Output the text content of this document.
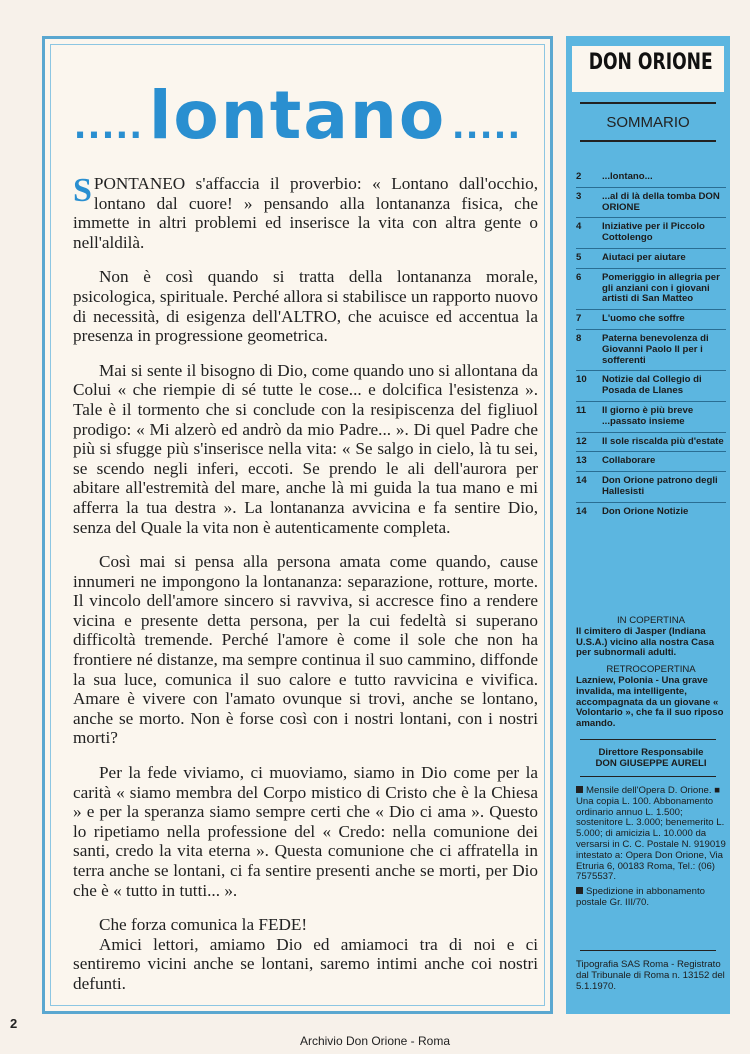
..... lontano .....

SPONTANEO s'affaccia il proverbio: « Lontano dall'occhio, lontano dal cuore! » pensando alla lontananza fisica, che immette in altri problemi ed inserisce la vita con altra gente o nell'aldilà.

Non è così quando si tratta della lontananza morale, psicologica, spirituale. Perché allora si stabilisce un rapporto nuovo di necessità, di esigenza dell'ALTRO, che acuisce ed accentua la presenza in progressione geometrica.

Mai si sente il bisogno di Dio, come quando uno si allontana da Colui « che riempie di sé tutte le cose... e dolcifica l'esistenza ». Tale è il tormento che si conclude con la resipiscenza del figliuol prodigo: « Mi alzerò ed andrò da mio Padre... ». Di quel Padre che più si sfugge più s'inserisce nella vita: « Se salgo in cielo, là tu sei, se scendo negli inferi, eccoti. Se prendo le ali dell'aurora per abitare all'estremità del mare, anche là mi guida la tua mano e mi afferra la tua destra ». La lontananza avvicina e fa sentire Dio, senza del Quale la vita non è autenticamente completa.

Così mai si pensa alla persona amata come quando, cause innumeri ne impongono la lontananza: separazione, rotture, morte. Il vincolo dell'amore sincero si ravviva, si accresce fino a rendere vicina e presente detta persona, per la cui fedeltà si superano difficoltà tremende. Perché l'amore è come il sole che non ha frontiere né distanze, ma sempre continua il suo cammino, diffonde la sua luce, comunica il suo calore e tutto ravvicina e vivifica. Amare è vivere con l'amato ovunque si trovi, anche se lontano, anche se morto. Non è forse così con i nostri lontani, con i nostri morti?

Per la fede viviamo, ci muoviamo, siamo in Dio come per la carità « siamo membra del Corpo mistico di Cristo che è la Chiesa » e per la speranza siamo sempre certi che « Dio ci ama ». Questo lo ripetiamo nella professione del « Credo: nella comunione dei santi, credo la vita eterna ». Questa comunione che ci affratella in terra anche se lontani, ci fa sentire presenti anche se morti, per Dio che è « tutto in tutti... ».

Che forza comunica la FEDE!

Amici lettori, amiamo Dio ed amiamoci tra di noi e ci sentiremo vicini anche se lontani, saremo intimi anche coi nostri defunti.

DON ORIONE
SOMMARIO
2	...lontano...
3	...al di là della tomba DON ORIONE
4	Iniziative per il Piccolo Cottolengo
5	Aiutaci per aiutare
6	Pomeriggio in allegria per gli anziani con i giovani artisti di San Matteo
7	L'uomo che soffre
8	Paterna benevolenza di Giovanni Paolo II per i sofferenti
10	Notizie dal Collegio di Posada de Llanes
11	Il giorno è più breve ...passato insieme
12	Il sole riscalda più d'estate
13	Collaborare
14	Don Orione patrono degli Hallesisti
14	Don Orione Notizie
IN COPERTINA
Il cimitero di Jasper (Indiana U.S.A.) vicino alla nostra Casa per subnormali adulti.
RETROCOPERTINA
Lazniew, Polonia - Una grave invalida, ma intelligente, accompagnata da un giovane « Volontario », che fa il suo riposo amando.
Direttore Responsabile
DON GIUSEPPE AURELI
Mensile dell'Opera D. Orione. ■ Una copia L. 100. Abbonamento ordinario annuo L. 1.500; sostenitore L. 3.000; benemerito L. 5.000; di amicizia L. 10.000 da versarsi in C. C. Postale N. 919019 intestato a: Opera Don Orione, Via Etruria 6, 00183 Roma, Tel.: (06) 7575537.
Spedizione in abbonamento postale Gr. III/70.
Tipografia SAS Roma - Registrato dal Tribunale di Roma n. 13152 del 5.1.1970.
2
Archivio Don Orione - Roma
